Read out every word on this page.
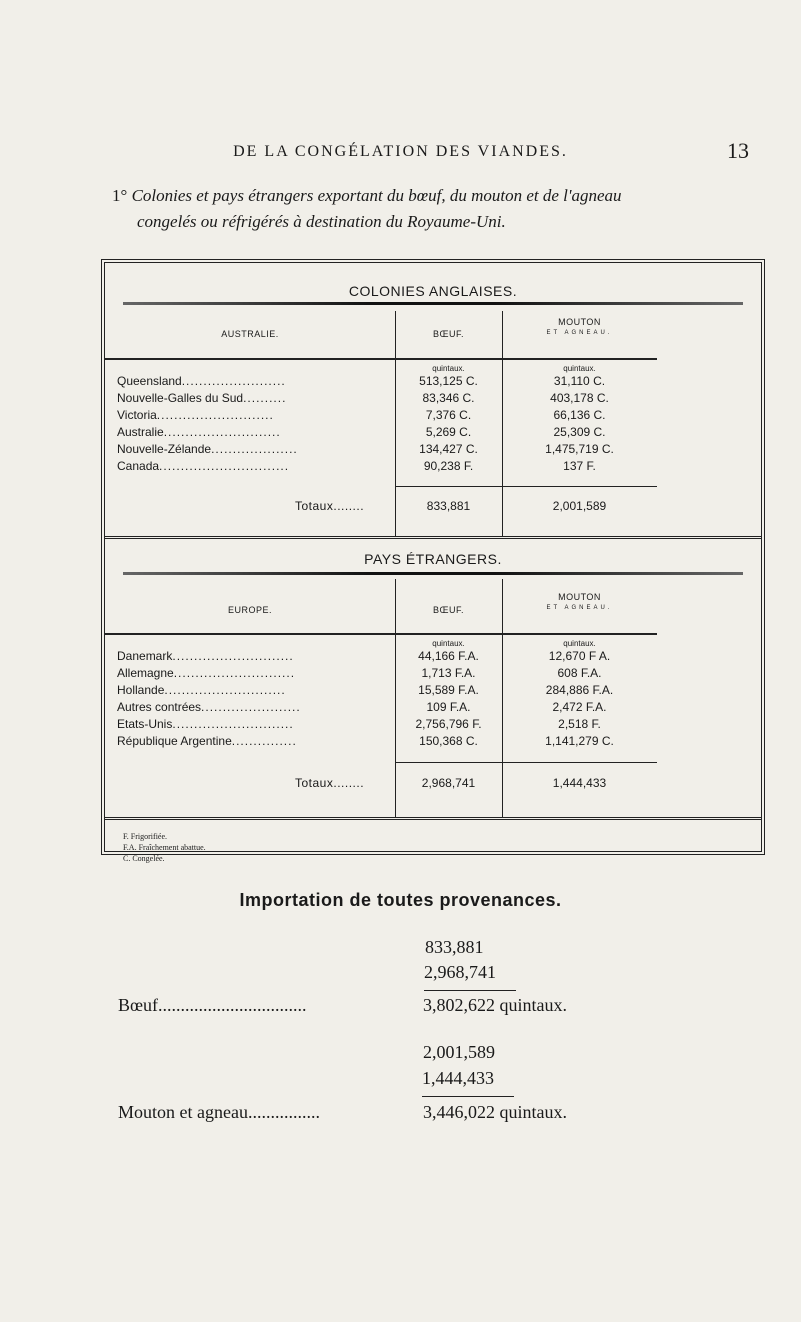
DE LA CONGÉLATION DES VIANDES.	13
1° Colonies et pays étrangers exportant du bœuf, du mouton et de l'agneau
congelés ou réfrigérés à destination du Royaume-Uni.
COLONIES ANGLAISES.
AUSTRALIE.	BŒUF.
MOUTON
ET AGNEAU.
quintaux.	quintaux.
Queensland........................	513,125 C.	31,110 C.
Nouvelle-Galles du Sud..........	83,346 C.	403,178 C.
Victoria...........................	7,376 C.	66,136 C.
Australie...........................	5,269 C.	25,309 C.
Nouvelle-Zélande....................	134,427 C.	1,475,719 C.
Canada..............................	90,238 F.	137 F.
Totaux........	833,881	2,001,589
PAYS ÉTRANGERS.
EUROPE.	BŒUF.
MOUTON
ET AGNEAU.
quintaux.	quintaux.
Danemark............................	44,166 F.A.	12,670 F A.
Allemagne............................	1,713 F.A.	608 F.A.
Hollande............................	15,589 F.A.	284,886 F.A.
Autres contrées.......................	109 F.A.	2,472 F.A.
Etats-Unis............................	2,756,796 F.	2,518 F.
République Argentine...............	150,368 C.	1,141,279 C.
Totaux........	2,968,741	1,444,433
F. Frigorifiée.
F.A. Fraîchement abattue.
C. Congelée.
Importation de toutes provenances.
833,881
2,968,741
Bœuf.................................	3,802,622 quintaux.
2,001,589
1,444,433
Mouton et agneau................	3,446,022 quintaux.
